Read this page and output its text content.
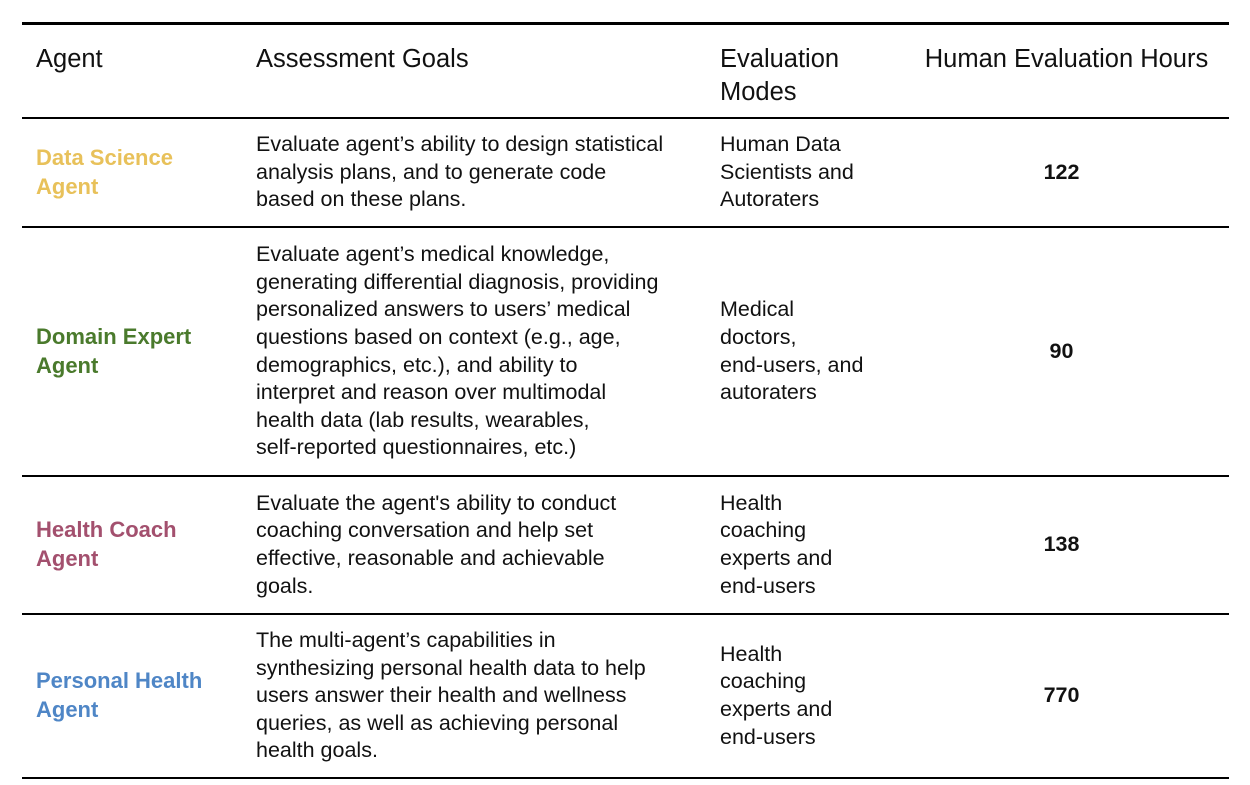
Agent	Assessment Goals	Evaluation
Modes
Human Evaluation Hours
Data Science
Agent
Evaluate agent’s ability to design statistical
analysis plans, and to generate code
based on these plans.
Human Data
Scientists and
Autoraters
122
Domain Expert
Agent
Evaluate agent’s medical knowledge,
generating differential diagnosis, providing
personalized answers to users’ medical
questions based on context (e.g., age,
demographics, etc.), and ability to
interpret and reason over multimodal
health data (lab results, wearables,
self-reported questionnaires, etc.)
Medical
doctors,
end-users, and
autoraters
90
Health Coach
Agent
Evaluate the agent's ability to conduct
coaching conversation and help set
effective, reasonable and achievable
goals.
Health
coaching
experts and
end-users
138
Personal Health
Agent
The multi-agent’s capabilities in
synthesizing personal health data to help
users answer their health and wellness
queries, as well as achieving personal
health goals.
Health
coaching
experts and
end-users
770
